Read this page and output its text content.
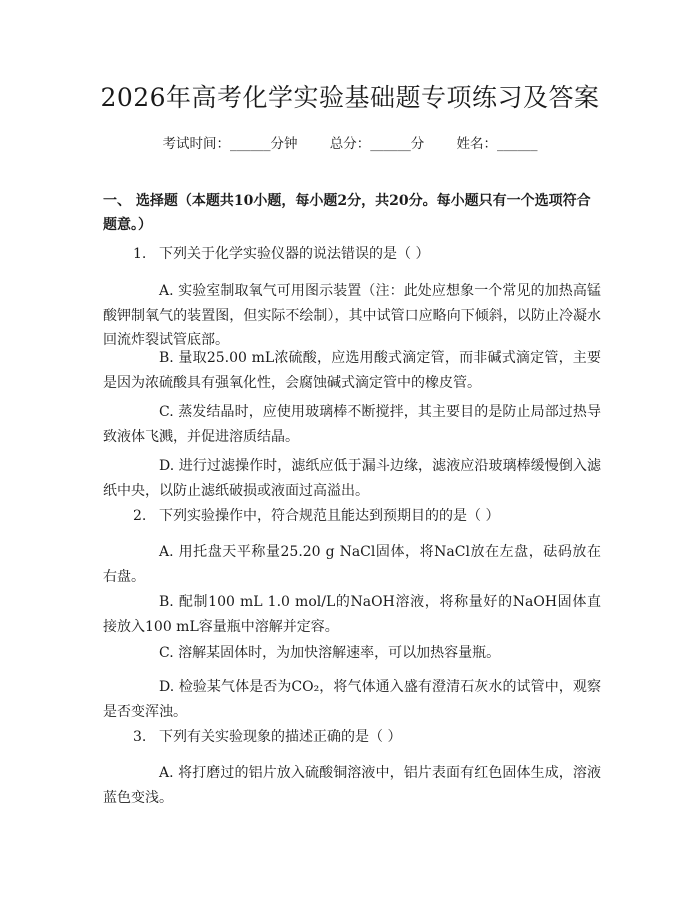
2026年高考化学实验基础题专项练习及答案
考试时间：______分钟 总分：______分 姓名：______
一、 选择题（本题共10小题，每小题2分，共20分。每小题只有一个选项符合题意。）
1. 下列关于化学实验仪器的说法错误的是（ ）
A. 实验室制取氧气可用图示装置（注：此处应想象一个常见的加热高锰酸钾制氧气的装置图，但实际不绘制），其中试管口应略向下倾斜，以防止冷凝水回流炸裂试管底部。
B. 量取25.00 mL浓硫酸，应选用酸式滴定管，而非碱式滴定管，主要是因为浓硫酸具有强氧化性，会腐蚀碱式滴定管中的橡皮管。
C. 蒸发结晶时，应使用玻璃棒不断搅拌，其主要目的是防止局部过热导致液体飞溅，并促进溶质结晶。
D. 进行过滤操作时，滤纸应低于漏斗边缘，滤液应沿玻璃棒缓慢倒入滤纸中央，以防止滤纸破损或液面过高溢出。
2. 下列实验操作中，符合规范且能达到预期目的的是（ ）
A. 用托盘天平称量25.20 g NaCl固体，将NaCl放在左盘，砝码放在右盘。
B. 配制100 mL 1.0 mol/L的NaOH溶液，将称量好的NaOH固体直接放入100 mL容量瓶中溶解并定容。
C. 溶解某固体时，为加快溶解速率，可以加热容量瓶。
D. 检验某气体是否为CO₂，将气体通入盛有澄清石灰水的试管中，观察是否变浑浊。
3. 下列有关实验现象的描述正确的是（ ）
A. 将打磨过的铝片放入硫酸铜溶液中，铝片表面有红色固体生成，溶液蓝色变浅。
